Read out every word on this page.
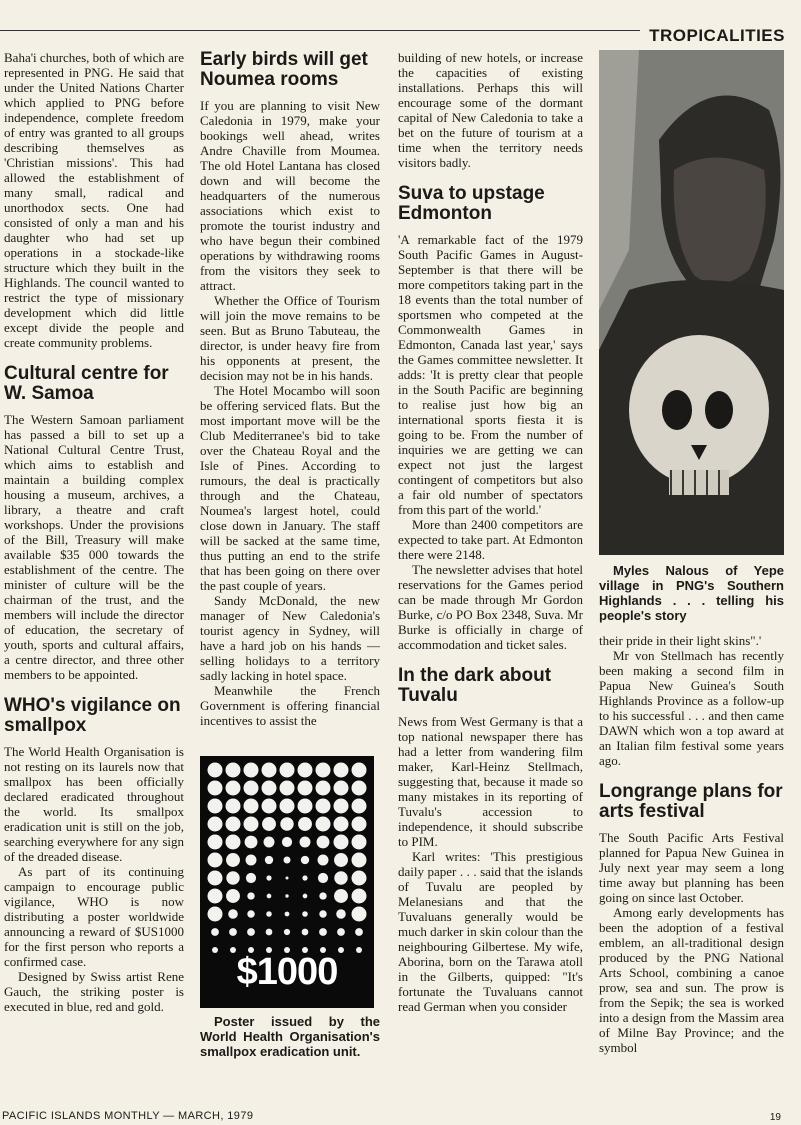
TROPICALITIES

Baha'i churches, both of which are represented in PNG. He said that under the United Nations Charter which applied to PNG before independence, complete freedom of entry was granted to all groups describing themselves as 'Christian missions'. This had allowed the establishment of many small, radical and unorthodox sects. One had consisted of only a man and his daughter who had set up operations in a stockade-like structure which they built in the Highlands. The council wanted to restrict the type of missionary development which did little except divide the people and create community problems.

Cultural centre for W. Samoa

The Western Samoan parliament has passed a bill to set up a National Cultural Centre Trust, which aims to establish and maintain a building complex housing a museum, archives, a library, a theatre and craft workshops. Under the provisions of the Bill, Treasury will make available $35 000 towards the establishment of the centre. The minister of culture will be the chairman of the trust, and the members will include the director of education, the secretary of youth, sports and cultural affairs, a centre director, and three other members to be appointed.

WHO's vigilance on smallpox

The World Health Organisation is not resting on its laurels now that smallpox has been officially declared eradicated throughout the world. Its smallpox eradication unit is still on the job, searching everywhere for any sign of the dreaded disease.

As part of its continuing campaign to encourage public vigilance, WHO is now distributing a poster worldwide announcing a reward of $US1000 for the first person who reports a confirmed case.

Designed by Swiss artist Rene Gauch, the striking poster is executed in blue, red and gold.

Early birds will get Noumea rooms

If you are planning to visit New Caledonia in 1979, make your bookings well ahead, writes Andre Chaville from Moumea. The old Hotel Lantana has closed down and will become the headquarters of the numerous associations which exist to promote the tourist industry and who have begun their combined operations by withdrawing rooms from the visitors they seek to attract.

Whether the Office of Tourism will join the move remains to be seen. But as Bruno Tabuteau, the director, is under heavy fire from his opponents at present, the decision may not be in his hands.

The Hotel Mocambo will soon be offering serviced flats. But the most important move will be the Club Mediterranee's bid to take over the Chateau Royal and the Isle of Pines. According to rumours, the deal is practically through and the Chateau, Noumea's largest hotel, could close down in January. The staff will be sacked at the same time, thus putting an end to the strife that has been going on there over the past couple of years.

Sandy McDonald, the new manager of New Caledonia's tourist agency in Sydney, will have a hard job on his hands — selling holidays to a territory sadly lacking in hotel space.

Meanwhile the French Government is offering financial incentives to assist the

$1000

Poster issued by the World Health Organisation's smallpox eradication unit.

building of new hotels, or increase the capacities of existing installations. Perhaps this will encourage some of the dormant capital of New Caledonia to take a bet on the future of tourism at a time when the territory needs visitors badly.

Suva to upstage Edmonton

'A remarkable fact of the 1979 South Pacific Games in August-September is that there will be more competitors taking part in the 18 events than the total number of sportsmen who competed at the Commonwealth Games in Edmonton, Canada last year,' says the Games committee newsletter. It adds: 'It is pretty clear that people in the South Pacific are beginning to realise just how big an international sports fiesta it is going to be. From the number of inquiries we are getting we can expect not just the largest contingent of competitors but also a fair old number of spectators from this part of the world.'

More than 2400 competitors are expected to take part. At Edmonton there were 2148.

The newsletter advises that hotel reservations for the Games period can be made through Mr Gordon Burke, c/o PO Box 2348, Suva. Mr Burke is officially in charge of accommodation and ticket sales.

In the dark about Tuvalu

News from West Germany is that a top national newspaper there has had a letter from wandering film maker, Karl-Heinz Stellmach, suggesting that, because it made so many mistakes in its reporting of Tuvalu's accession to independence, it should subscribe to PIM.

Karl writes: 'This prestigious daily paper . . . said that the islands of Tuvalu are peopled by Melanesians and that the Tuvaluans generally would be much darker in skin colour than the neighbouring Gilbertese. My wife, Aborina, born on the Tarawa atoll in the Gilberts, quipped: "It's fortunate the Tuvaluans cannot read German when you consider

Myles Nalous of Yepe village in PNG's Southern Highlands . . . telling his people's story

their pride in their light skins".'

Mr von Stellmach has recently been making a second film in Papua New Guinea's South Highlands Province as a follow-up to his successful . . . and then came DAWN which won a top award at an Italian film festival some years ago.

Longrange plans for arts festival

The South Pacific Arts Festival planned for Papua New Guinea in July next year may seem a long time away but planning has been going on since last October.

Among early developments has been the adoption of a festival emblem, an all-traditional design produced by the PNG National Arts School, combining a canoe prow, sea and sun. The prow is from the Sepik; the sea is worked into a design from the Massim area of Milne Bay Province; and the symbol

PACIFIC ISLANDS MONTHLY — MARCH, 1979	19
